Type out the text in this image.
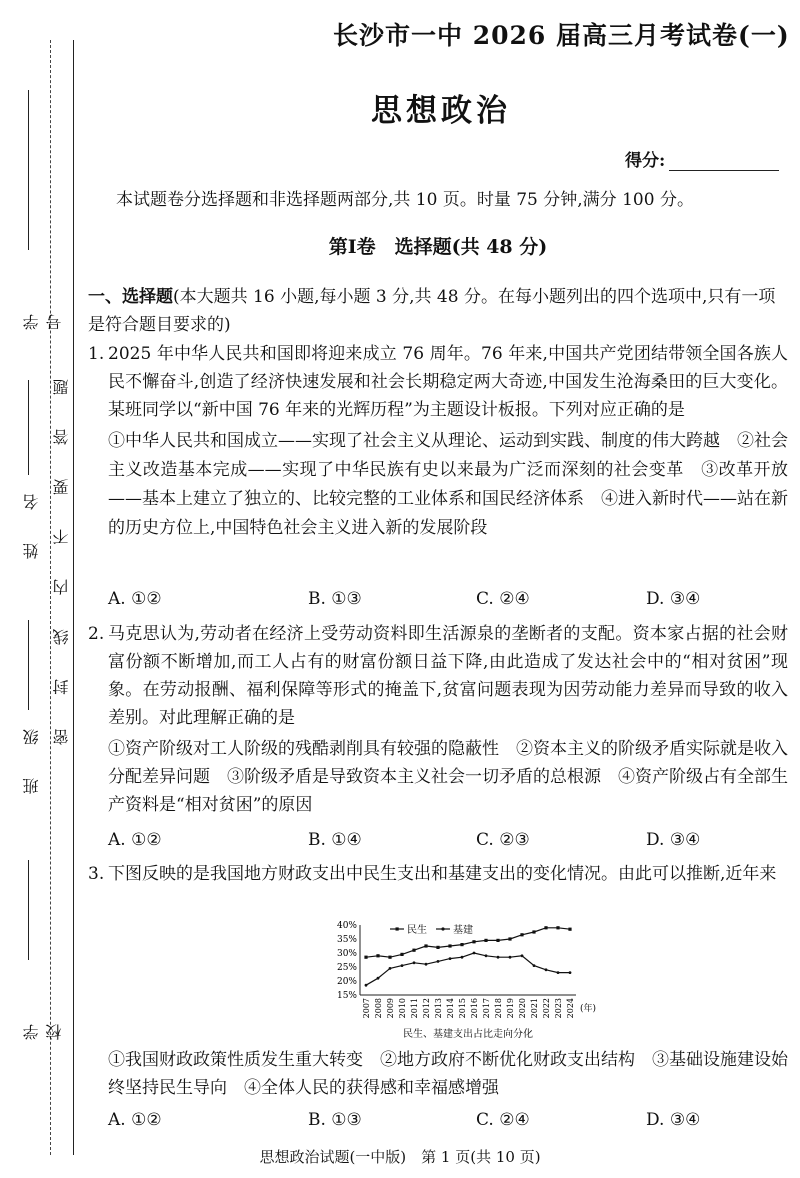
学 号
姓 名
班 级
学 校
密封线内不要答题
长沙市一中 2026 届高三月考试卷(一)
思想政治
得分:
本试题卷分选择题和非选择题两部分,共 10 页。时量 75 分钟,满分 100 分。
第Ⅰ卷　选择题(共 48 分)
一、选择题(本大题共 16 小题,每小题 3 分,共 48 分。在每小题列出的四个选项中,只有一项是符合题目要求的)
1. 2025 年中华人民共和国即将迎来成立 76 周年。76 年来,中国共产党团结带领全国各族人民不懈奋斗,创造了经济快速发展和社会长期稳定两大奇迹,中国发生沧海桑田的巨大变化。某班同学以“新中国 76 年来的光辉历程”为主题设计板报。下列对应正确的是
①中华人民共和国成立——实现了社会主义从理论、运动到实践、制度的伟大跨越　②社会主义改造基本完成——实现了中华民族有史以来最为广泛而深刻的社会变革　③改革开放——基本上建立了独立的、比较完整的工业体系和国民经济体系　④进入新时代——站在新的历史方位上,中国特色社会主义进入新的发展阶段
A. ①②	B. ①③	C. ②④	D. ③④
2. 马克思认为,劳动者在经济上受劳动资料即生活源泉的垄断者的支配。资本家占据的社会财富份额不断增加,而工人占有的财富份额日益下降,由此造成了发达社会中的“相对贫困”现象。在劳动报酬、福利保障等形式的掩盖下,贫富问题表现为因劳动能力差异而导致的收入差别。对此理解正确的是
①资产阶级对工人阶级的残酷剥削具有较强的隐蔽性　②资本主义的阶级矛盾实际就是收入分配差异问题　③阶级矛盾是导致资本主义社会一切矛盾的总根源　④资产阶级占有全部生产资料是“相对贫困”的原因
A. ①②	B. ①④	C. ②③	D. ③④
3. 下图反映的是我国地方财政支出中民生支出和基建支出的变化情况。由此可以推断,近年来
40%
35%
30%
25%
20%
15%
2007 2008 2009 2010 2011 2012 2013 2014 2015 2016 2017 2018 2019 2020 2021 2022 2023 2024 (年)
民生	基建
民生、基建支出占比走向分化
①我国财政政策性质发生重大转变　②地方政府不断优化财政支出结构　③基础设施建设始终坚持民生导向　④全体人民的获得感和幸福感增强
A. ①②	B. ①③	C. ②④	D. ③④
思想政治试题(一中版)　第 1 页(共 10 页)
